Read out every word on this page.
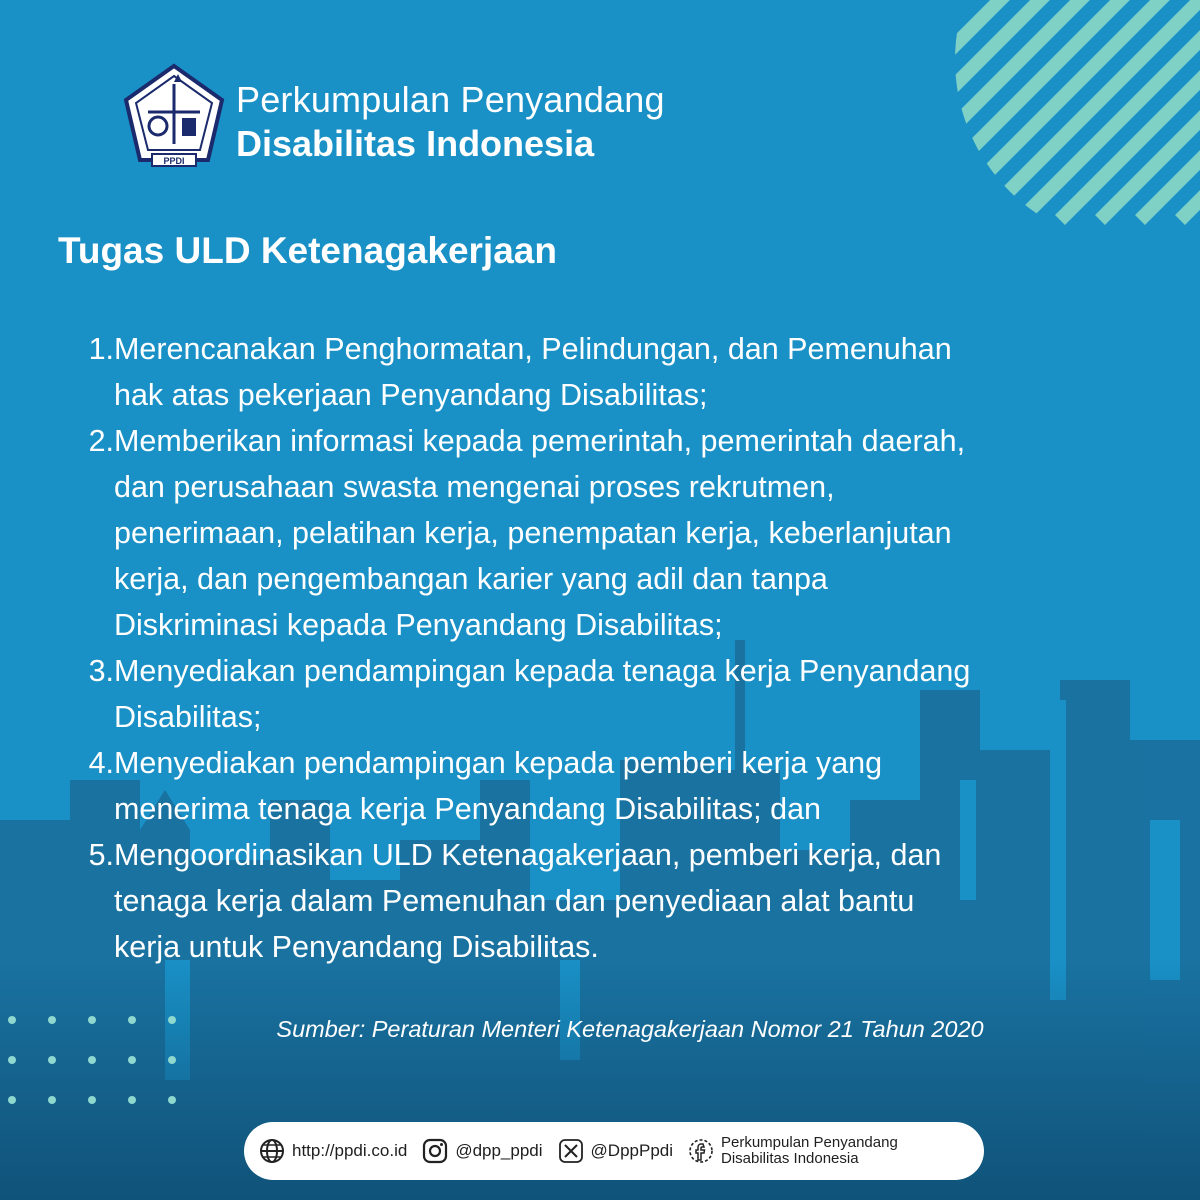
PPDI
Perkumpulan Penyandang
Disabilitas Indonesia
Tugas ULD Ketenagakerjaan
1. Merencanakan Penghormatan, Pelindungan, dan Pemenuhan
hak atas pekerjaan Penyandang Disabilitas;
2. Memberikan informasi kepada pemerintah, pemerintah daerah,
dan perusahaan swasta mengenai proses rekrutmen,
penerimaan, pelatihan kerja, penempatan kerja, keberlanjutan
kerja, dan pengembangan karier yang adil dan tanpa
Diskriminasi kepada Penyandang Disabilitas;
3. Menyediakan pendampingan kepada tenaga kerja Penyandang
Disabilitas;
4. Menyediakan pendampingan kepada pemberi kerja yang
menerima tenaga kerja Penyandang Disabilitas; dan
5. Mengoordinasikan ULD Ketenagakerjaan, pemberi kerja, dan
tenaga kerja dalam Pemenuhan dan penyediaan alat bantu
kerja untuk Penyandang Disabilitas.
Sumber: Peraturan Menteri Ketenagakerjaan Nomor 21 Tahun 2020
http://ppdi.co.id	@dpp_ppdi	@DppPpdi	Perkumpulan Penyandang
Disabilitas Indonesia
